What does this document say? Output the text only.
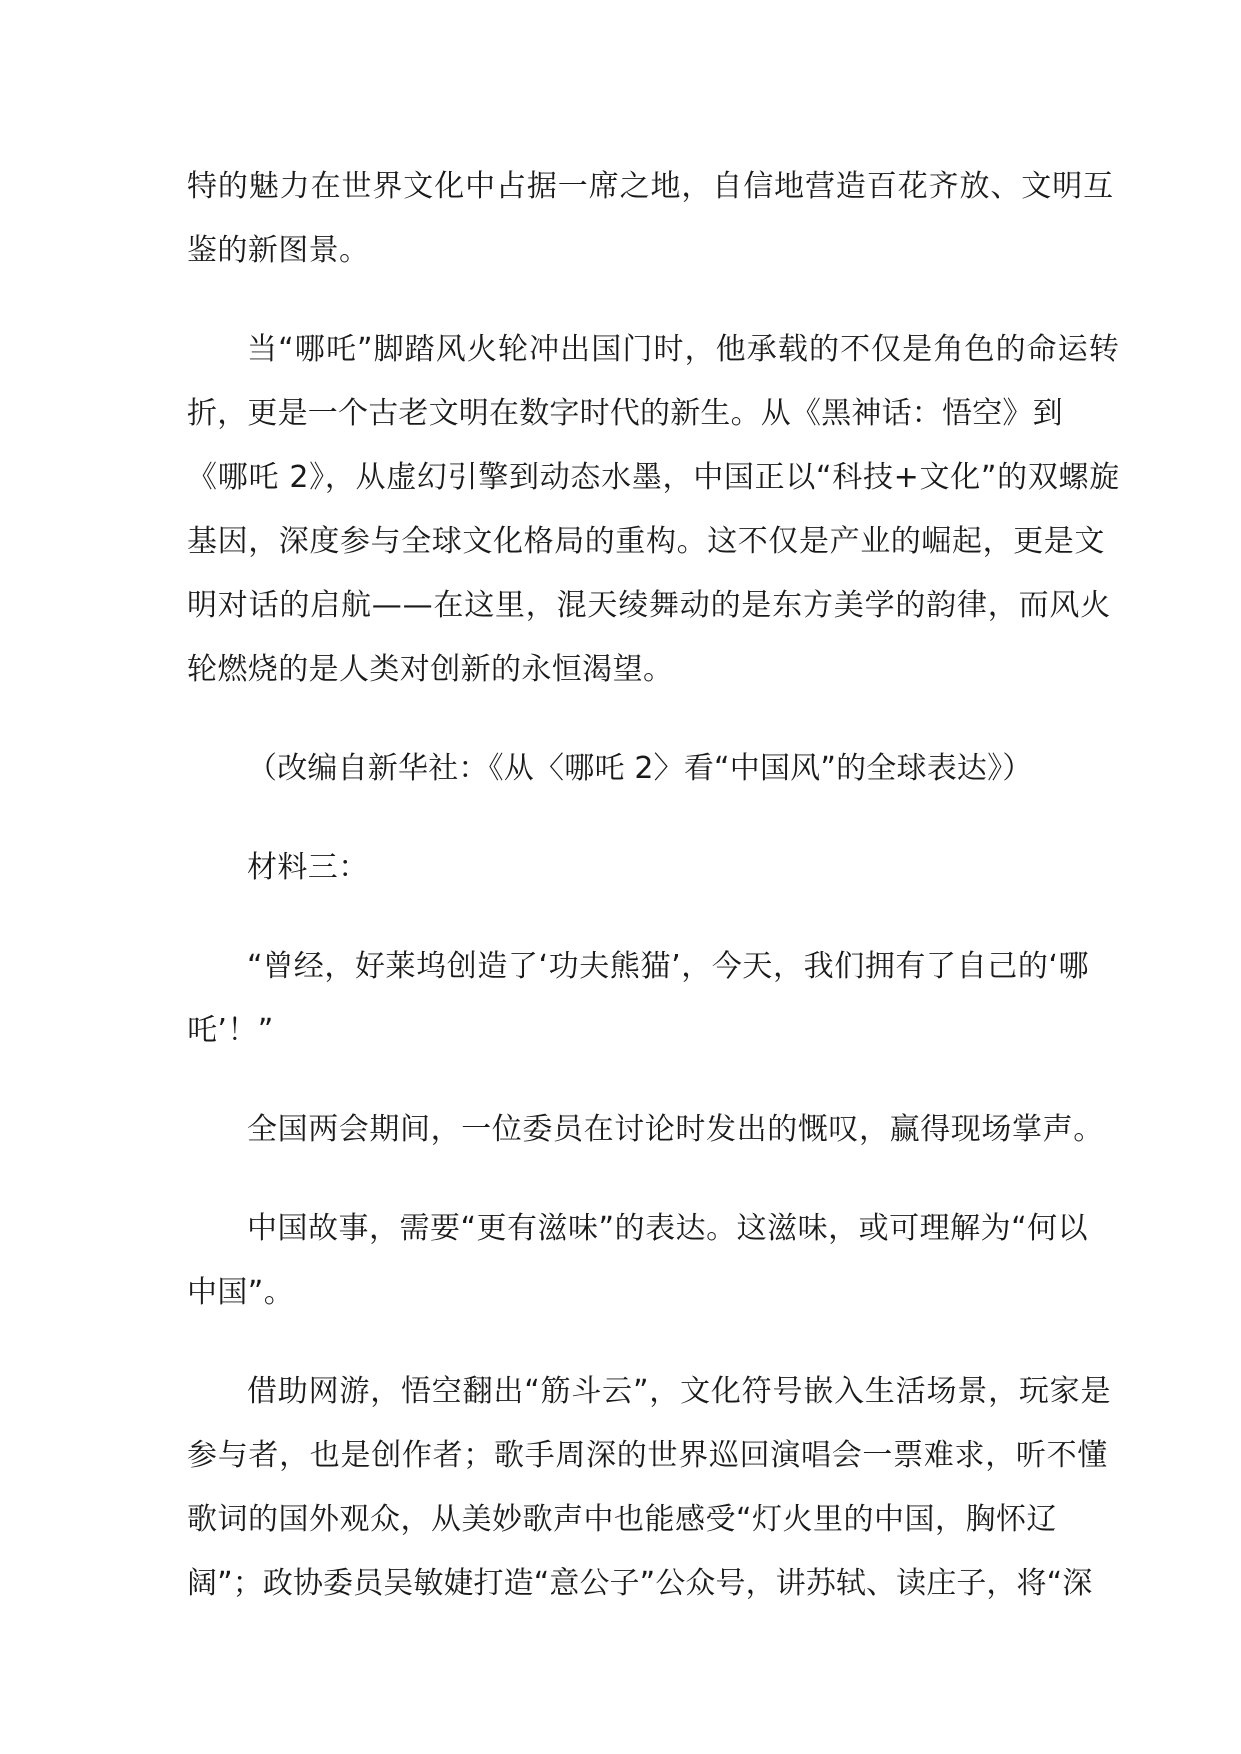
特的魅力在世界文化中占据一席之地，自信地营造百花齐放、文明互
鉴的新图景。
当“哪吒”脚踏风火轮冲出国门时，他承载的不仅是角色的命运转
折，更是一个古老文明在数字时代的新生。从《黑神话：悟空》到
《哪吒 2》，从虚幻引擎到动态水墨，中国正以“科技+文化”的双螺旋
基因，深度参与全球文化格局的重构。这不仅是产业的崛起，更是文
明对话的启航——在这里，混天绫舞动的是东方美学的韵律，而风火
轮燃烧的是人类对创新的永恒渴望。
（改编自新华社：《从〈哪吒 2〉看“中国风”的全球表达》）
材料三：
“曾经，好莱坞创造了‘功夫熊猫’，今天，我们拥有了自己的‘哪
吒’！”
全国两会期间，一位委员在讨论时发出的慨叹，赢得现场掌声。
中国故事，需要“更有滋味”的表达。这滋味，或可理解为“何以
中国”。
借助网游，悟空翻出“筋斗云”，文化符号嵌入生活场景，玩家是
参与者，也是创作者；歌手周深的世界巡回演唱会一票难求，听不懂
歌词的国外观众，从美妙歌声中也能感受“灯火里的中国，胸怀辽
阔”；政协委员吴敏婕打造“意公子”公众号，讲苏轼、读庄子，将“深
